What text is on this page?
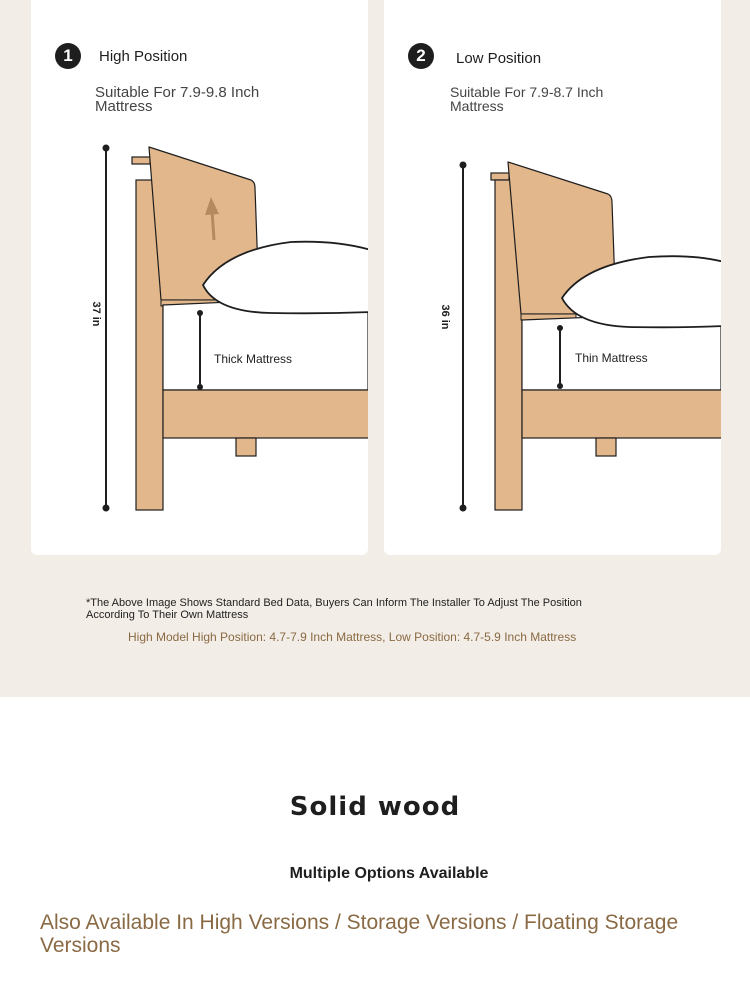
1	High Position
Suitable For 7.9-9.8 Inch
Mattress
37 in
Thick Mattress
2	Low Position
Suitable For 7.9-8.7 Inch
Mattress
36 in
Thin Mattress
*The Above Image Shows Standard Bed Data, Buyers Can Inform The Installer To Adjust The Position
According To Their Own Mattress
High Model High Position: 4.7-7.9 Inch Mattress, Low Position: 4.7-5.9 Inch Mattress
Solid wood
Multiple Options Available
Also Available In High Versions / Storage Versions / Floating Storage Versions
